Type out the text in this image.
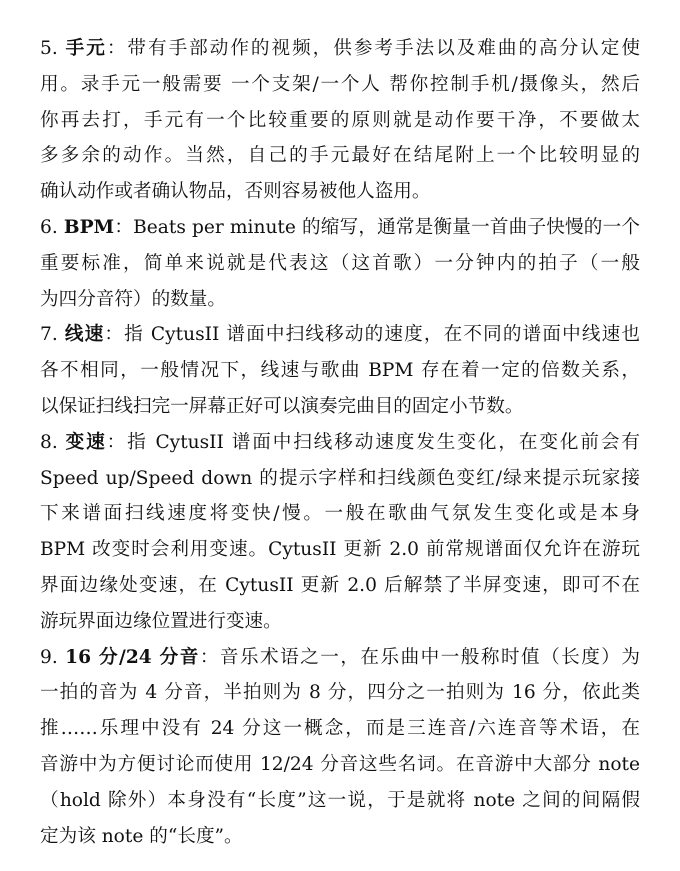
5. 手元：带有手部动作的视频，供参考手法以及难曲的高分认定使
用。录手元一般需要 一个支架/一个人 帮你控制手机/摄像头，然后
你再去打，手元有一个比较重要的原则就是动作要干净，不要做太
多多余的动作。当然，自己的手元最好在结尾附上一个比较明显的
确认动作或者确认物品，否则容易被他人盗用。
6. BPM：Beats per minute 的缩写，通常是衡量一首曲子快慢的一个
重要标准，简单来说就是代表这（这首歌）一分钟内的拍子（一般
为四分音符）的数量。
7. 线速：指 CytusII 谱面中扫线移动的速度，在不同的谱面中线速也
各不相同，一般情况下，线速与歌曲 BPM 存在着一定的倍数关系，
以保证扫线扫完一屏幕正好可以演奏完曲目的固定小节数。
8. 变速：指 CytusII 谱面中扫线移动速度发生变化，在变化前会有
Speed up/Speed down 的提示字样和扫线颜色变红/绿来提示玩家接
下来谱面扫线速度将变快/慢。一般在歌曲气氛发生变化或是本身
BPM 改变时会利用变速。CytusII 更新 2.0 前常规谱面仅允许在游玩
界面边缘处变速，在 CytusII 更新 2.0 后解禁了半屏变速，即可不在
游玩界面边缘位置进行变速。
9. 16 分/24 分音：音乐术语之一，在乐曲中一般称时值（长度）为
一拍的音为 4 分音，半拍则为 8 分，四分之一拍则为 16 分，依此类
推……乐理中没有 24 分这一概念，而是三连音/六连音等术语，在
音游中为方便讨论而使用 12/24 分音这些名词。在音游中大部分 note
（hold 除外）本身没有“长度”这一说，于是就将 note 之间的间隔假
定为该 note 的“长度”。
